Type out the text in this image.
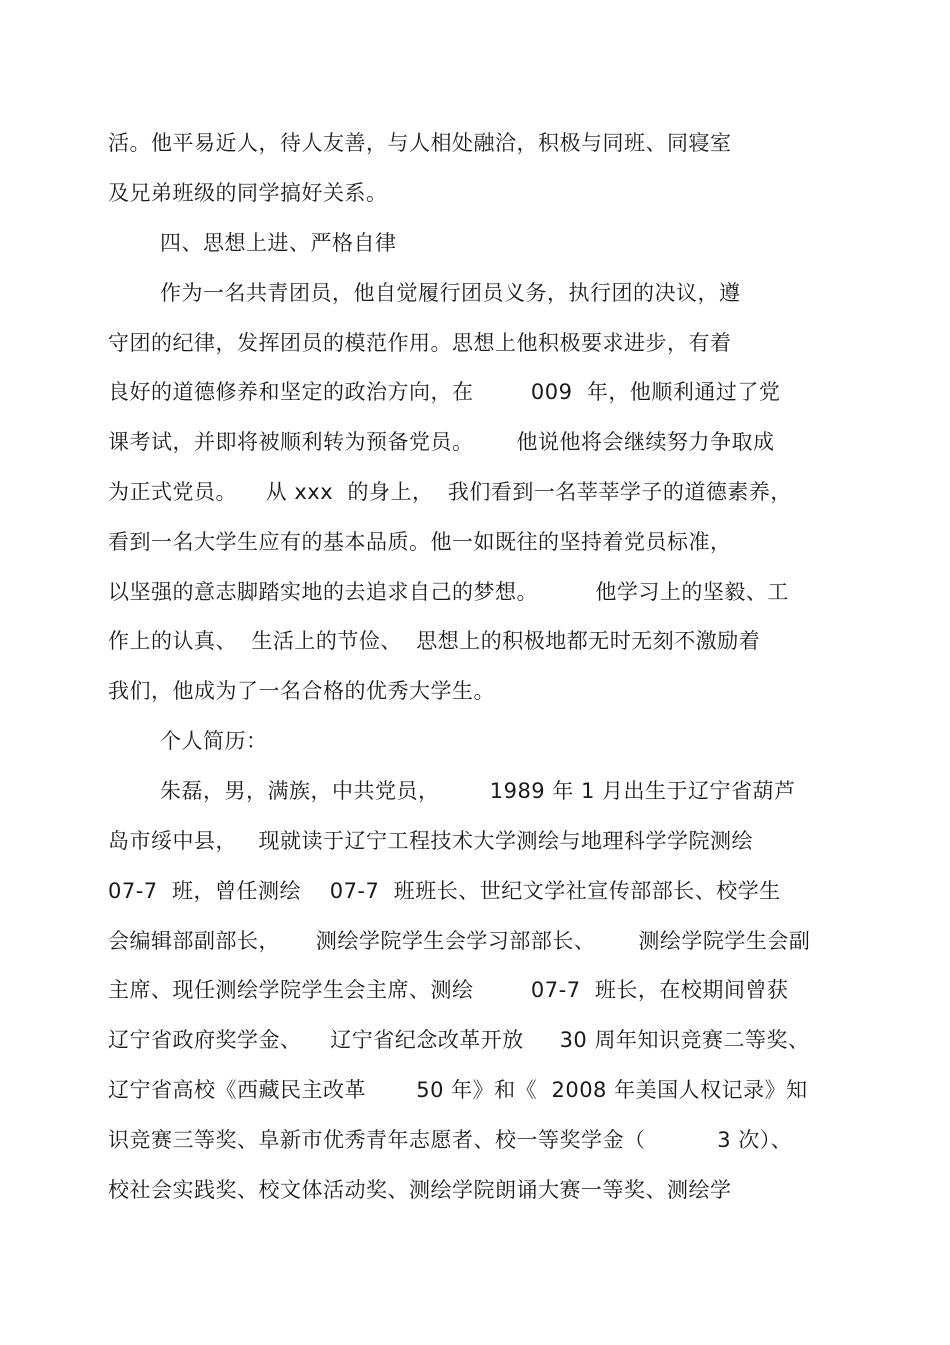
活。他平易近人，待人友善，与人相处融洽，积极与同班、同寝室
及兄弟班级的同学搞好关系。
四、思想上进、严格自律
作为一名共青团员，他自觉履行团员义务，执行团的决议，遵
守团的纪律，发挥团员的模范作用。思想上他积极要求进步，有着
良好的道德修养和坚定的政治方向，在        009  年，他顺利通过了党
课考试，并即将被顺利转为预备党员。      他说他将会继续努力争取成
为正式党员。    从 xxx  的身上，  我们看到一名莘莘学子的道德素养，
看到一名大学生应有的基本品质。他一如既往的坚持着党员标准，
以坚强的意志脚踏实地的去追求自己的梦想。        他学习上的坚毅、工
作上的认真、  生活上的节俭、  思想上的积极地都无时无刻不激励着
我们，他成为了一名合格的优秀大学生。
个人简历：
朱磊，男，满族，中共党员，       1989 年 1 月出生于辽宁省葫芦
岛市绥中县，   现就读于辽宁工程技术大学测绘与地理科学学院测绘
07-7  班，曾任测绘    07-7  班班长、世纪文学社宣传部部长、校学生
会编辑部副部长，     测绘学院学生会学习部部长、      测绘学院学生会副
主席、现任测绘学院学生会主席、测绘        07-7  班长，在校期间曾获
辽宁省政府奖学金、    辽宁省纪念改革开放     30 周年知识竞赛二等奖、
辽宁省高校《西藏民主改革       50 年》和《  2008 年美国人权记录》知
识竞赛三等奖、阜新市优秀青年志愿者、校一等奖学金（          3 次）、
校社会实践奖、校文体活动奖、测绘学院朗诵大赛一等奖、测绘学
